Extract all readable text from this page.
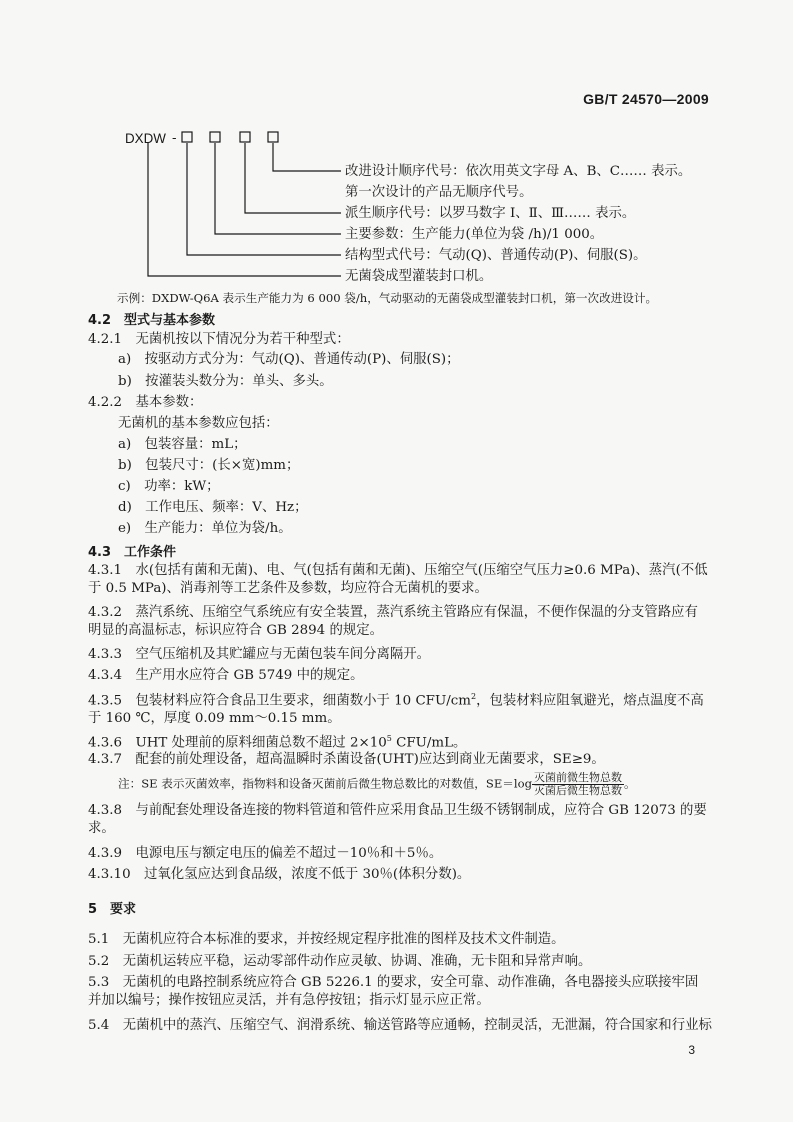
GB/T 24570—2009
DXDW -
改进设计顺序代号：依次用英文字母 A、B、C…… 表示。
第一次设计的产品无顺序代号。
派生顺序代号：以罗马数字 Ⅰ、Ⅱ、Ⅲ…… 表示。
主要参数：生产能力(单位为袋 /h)/1 000。
结构型式代号：气动(Q)、普通传动(P)、伺服(S)。
无菌袋成型灌装封口机。
示例：DXDW-Q6A 表示生产能力为 6 000 袋/h，气动驱动的无菌袋成型灌装封口机，第一次改进设计。
4.2　型式与基本参数
4.2.1　 无菌机按以下情况分为若干种型式：
a)　按驱动方式分为：气动(Q)、普通传动(P)、伺服(S)；
b)　按灌装头数分为：单头、多头。
4.2.2　 基本参数：
无菌机的基本参数应包括：
a)　包装容量：mL；
b)　包装尺寸：(长×宽)mm；
c)　功率：kW；
d)　工作电压、频率：V、Hz；
e)　生产能力：单位为袋/h。
4.3　工作条件
4.3.1　 水(包括有菌和无菌)、电、气(包括有菌和无菌)、压缩空气(压缩空气压力≥0.6 MPa)、蒸汽(不低于 0.5 MPa)、消毒剂等工艺条件及参数，均应符合无菌机的要求。
4.3.2　 蒸汽系统、压缩空气系统应有安全装置，蒸汽系统主管路应有保温，不便作保温的分支管路应有明显的高温标志，标识应符合 GB 2894 的规定。
4.3.3　 空气压缩机及其贮罐应与无菌包装车间分离隔开。
4.3.4　 生产用水应符合 GB 5749 中的规定。
4.3.5　 包装材料应符合食品卫生要求，细菌数小于 10 CFU/$cm^2$，包装材料应阻氧避光，熔点温度不高于 160 ℃，厚度 0.09 mm～0.15 mm。
4.3.6　 UHT 处理前的原料细菌总数不超过 $2\times 10^5$ CFU/mL。
4.3.7　 配套的前处理设备，超高温瞬时杀菌设备(UHT)应达到商业无菌要求，SE≥9。
注：SE 表示灭菌效率，指物料和设备灭菌前后微生物总数比的对数值，$SE=\log \frac{\text{灭菌前微生物总数}}{\text{灭菌后微生物总数}}$ 。
4.3.8　 与前配套处理设备连接的物料管道和管件应采用食品卫生级不锈钢制成，应符合 GB 12073 的要求。
4.3.9　 电源电压与额定电压的偏差不超过－10％和＋5％。
4.3.10　 过氧化氢应达到食品级，浓度不低于 30％(体积分数)。
5　要求
5.1　 无菌机应符合本标准的要求，并按经规定程序批准的图样及技术文件制造。
5.2　 无菌机运转应平稳，运动零部件动作应灵敏、协调、准确，无卡阻和异常声响。
5.3　 无菌机的电路控制系统应符合 GB 5226.1 的要求，安全可靠、动作准确，各电器接头应联接牢固并加以编号；操作按钮应灵活，并有急停按钮；指示灯显示应正常。
5.4　 无菌机中的蒸汽、压缩空气、润滑系统、输送管路等应通畅，控制灵活，无泄漏，符合国家和行业标
3
